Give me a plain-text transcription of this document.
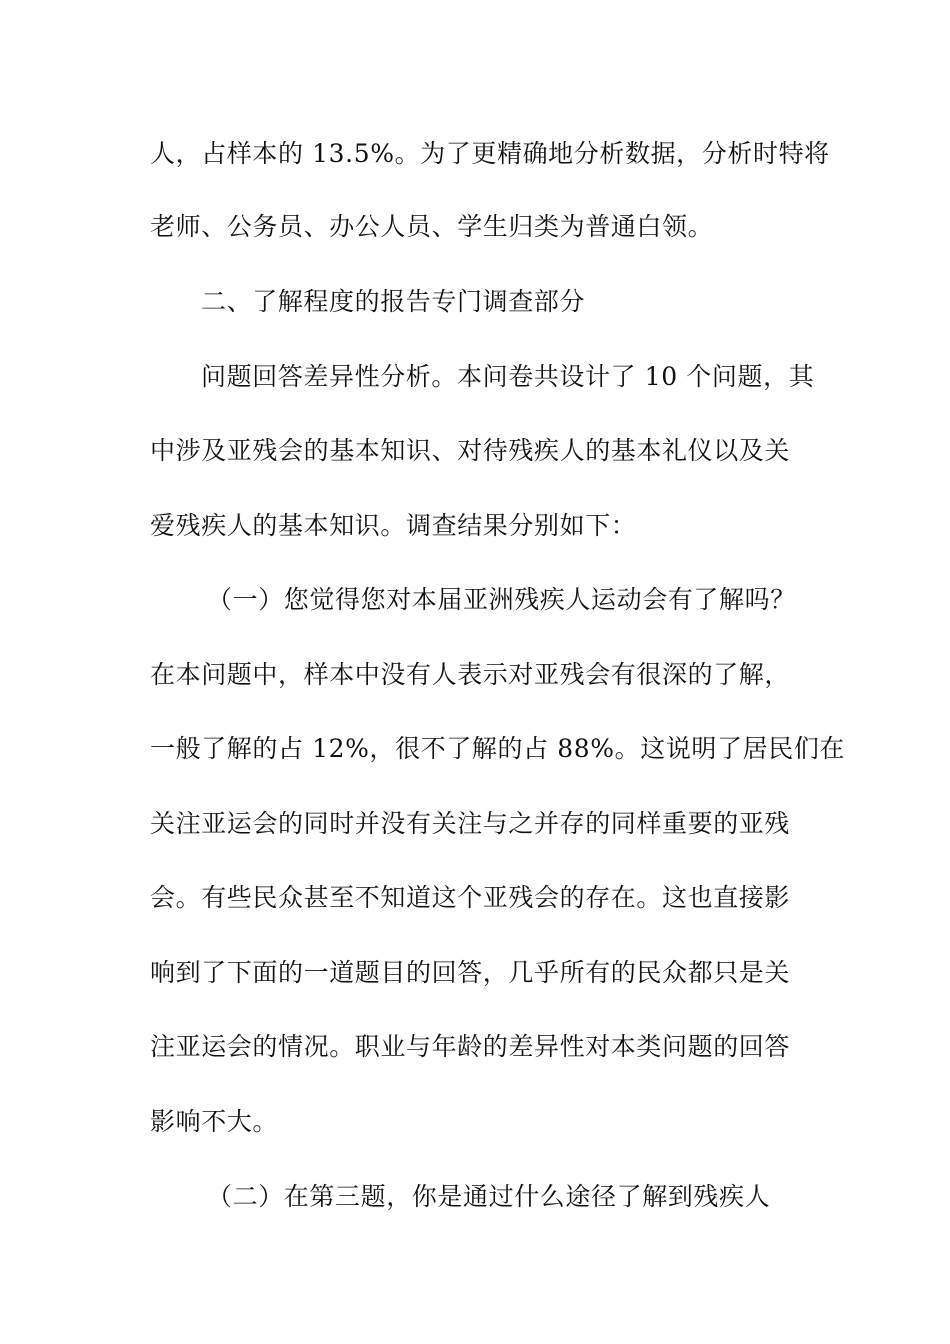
人，占样本的 13.5%。为了更精确地分析数据，分析时特将
老师、公务员、办公人员、学生归类为普通白领。
二、了解程度的报告专门调查部分
问题回答差异性分析。本问卷共设计了 10 个问题，其
中涉及亚残会的基本知识、对待残疾人的基本礼仪以及关
爱残疾人的基本知识。调查结果分别如下：
（一）您觉得您对本届亚洲残疾人运动会有了解吗？
在本问题中，样本中没有人表示对亚残会有很深的了解，
一般了解的占 12%，很不了解的占 88%。这说明了居民们在
关注亚运会的同时并没有关注与之并存的同样重要的亚残
会。有些民众甚至不知道这个亚残会的存在。这也直接影
响到了下面的一道题目的回答，几乎所有的民众都只是关
注亚运会的情况。职业与年龄的差异性对本类问题的回答
影响不大。
（二）在第三题，你是通过什么途径了解到残疾人
